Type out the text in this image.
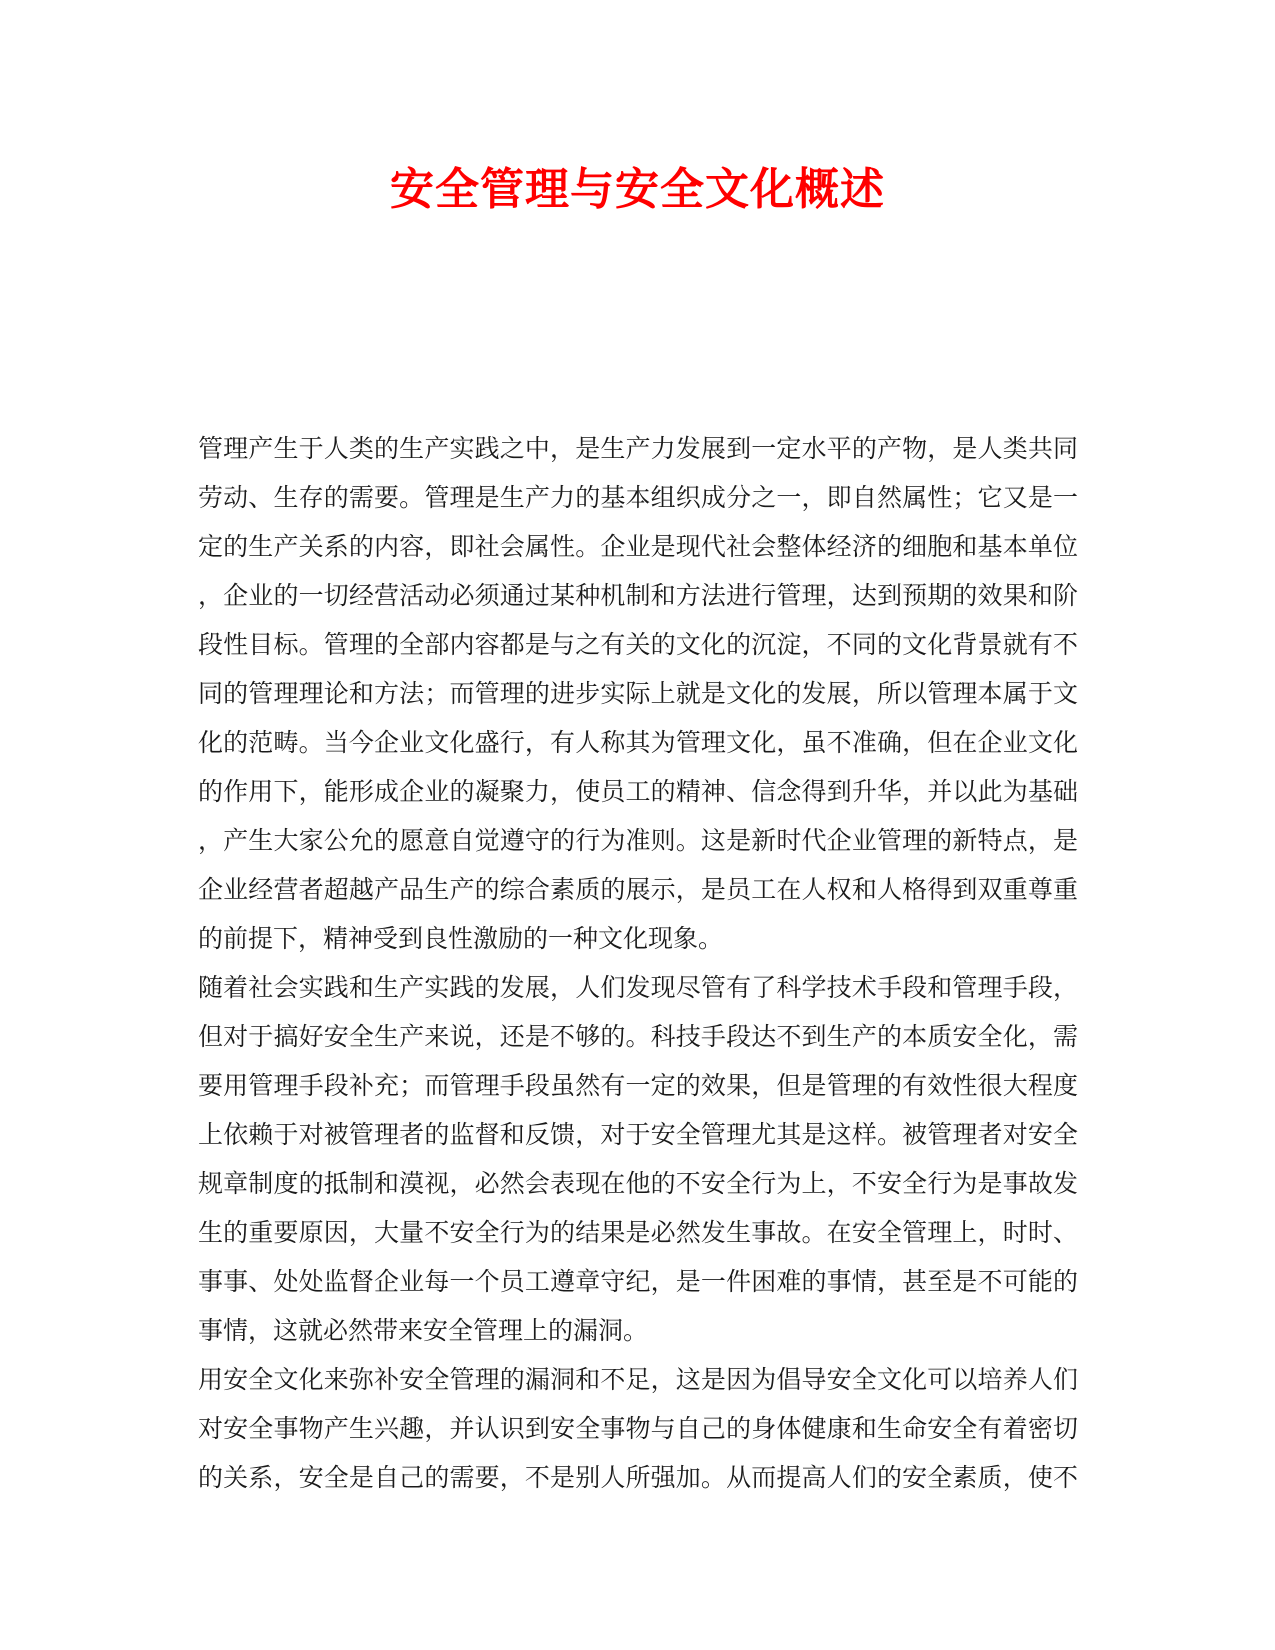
安全管理与安全文化概述
管理产生于人类的生产实践之中，是生产力发展到一定水平的产物，是人类共同
劳动、生存的需要。管理是生产力的基本组织成分之一，即自然属性；它又是一
定的生产关系的内容，即社会属性。企业是现代社会整体经济的细胞和基本单位
，企业的一切经营活动必须通过某种机制和方法进行管理，达到预期的效果和阶
段性目标。管理的全部内容都是与之有关的文化的沉淀，不同的文化背景就有不
同的管理理论和方法；而管理的进步实际上就是文化的发展，所以管理本属于文
化的范畴。当今企业文化盛行，有人称其为管理文化，虽不准确，但在企业文化
的作用下，能形成企业的凝聚力，使员工的精神、信念得到升华，并以此为基础
，产生大家公允的愿意自觉遵守的行为准则。这是新时代企业管理的新特点，是
企业经营者超越产品生产的综合素质的展示，是员工在人权和人格得到双重尊重
的前提下，精神受到良性激励的一种文化现象。
随着社会实践和生产实践的发展，人们发现尽管有了科学技术手段和管理手段，
但对于搞好安全生产来说，还是不够的。科技手段达不到生产的本质安全化，需
要用管理手段补充；而管理手段虽然有一定的效果，但是管理的有效性很大程度
上依赖于对被管理者的监督和反馈，对于安全管理尤其是这样。被管理者对安全
规章制度的抵制和漠视，必然会表现在他的不安全行为上，不安全行为是事故发
生的重要原因，大量不安全行为的结果是必然发生事故。在安全管理上，时时、
事事、处处监督企业每一个员工遵章守纪，是一件困难的事情，甚至是不可能的
事情，这就必然带来安全管理上的漏洞。
用安全文化来弥补安全管理的漏洞和不足，这是因为倡导安全文化可以培养人们
对安全事物产生兴趣，并认识到安全事物与自己的身体健康和生命安全有着密切
的关系，安全是自己的需要，不是别人所强加。从而提高人们的安全素质，使不
